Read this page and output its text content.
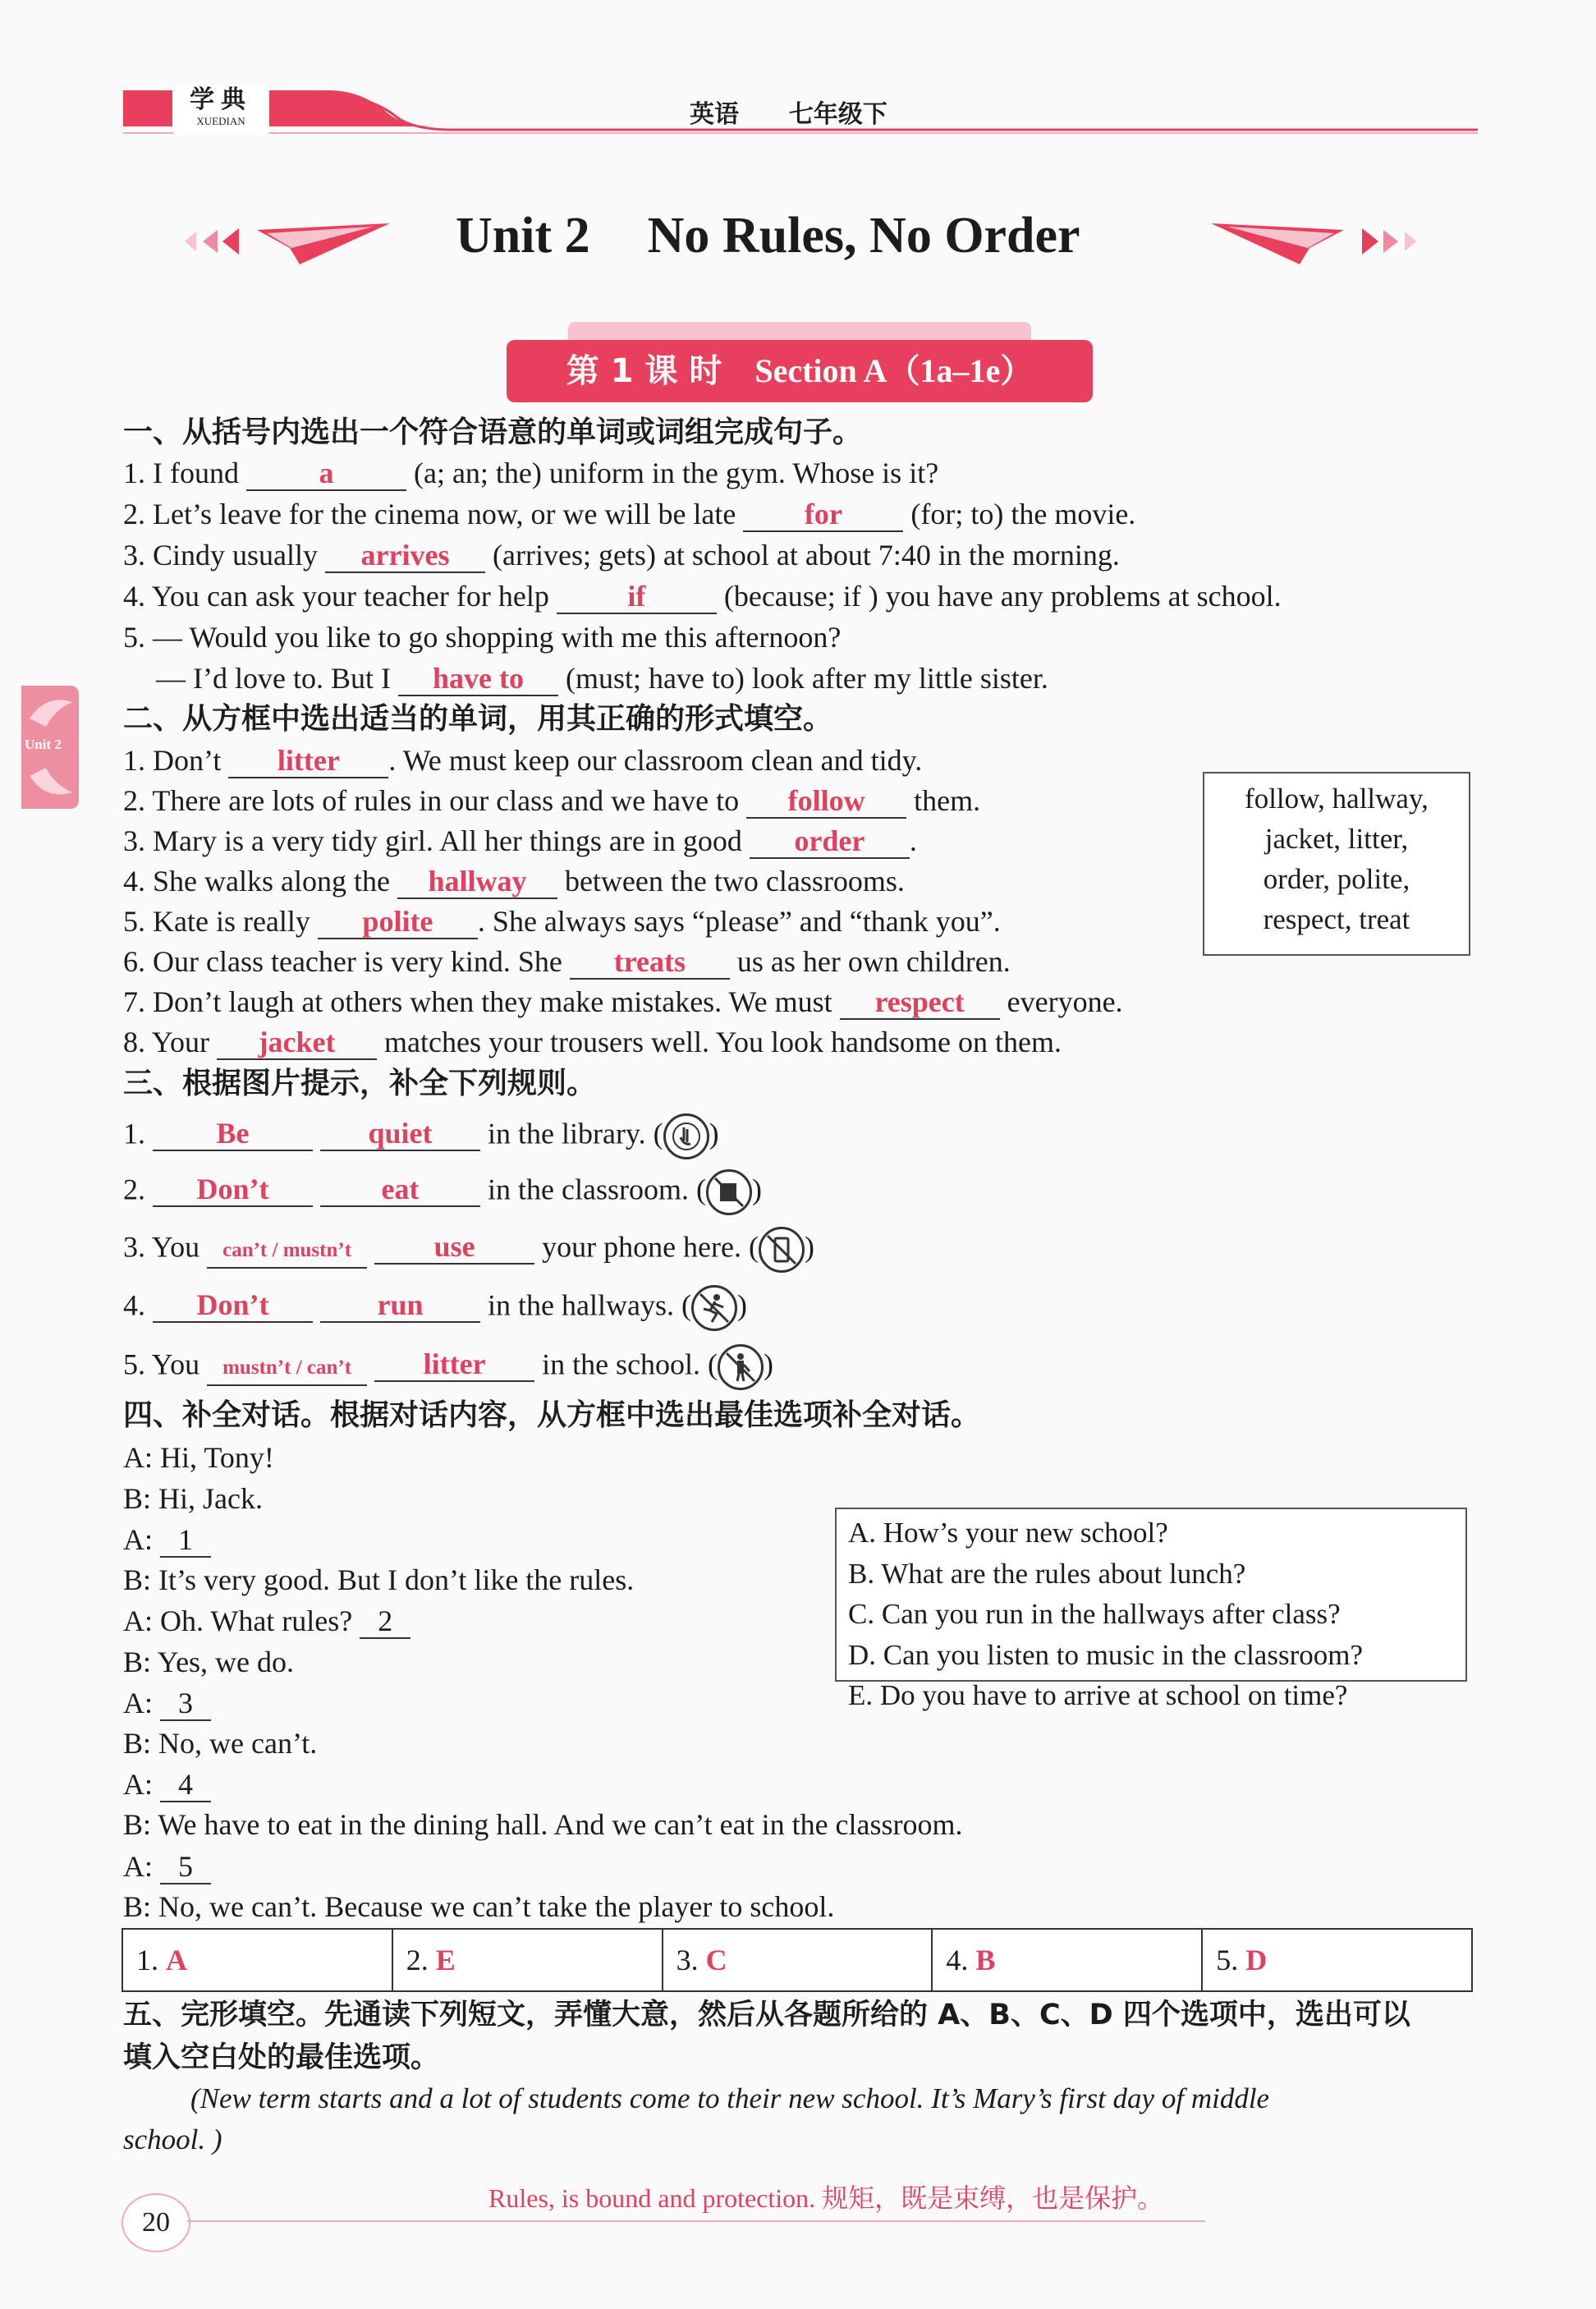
学典
XUEDIAN	英语 七年级下
Unit 2 No Rules, No Order
第 1 课 时 Section A（1a–1e）
Unit 2
一、从括号内选出一个符合语意的单词或词组完成句子。
1. I found	a	(a; an; the) uniform in the gym. Whose is it?
2. Let’s leave for the cinema now, or we will be late for (for; to) the movie.
3. Cindy usually arrives (arrives; gets) at school at about 7:40 in the morning.
4. You can ask your teacher for help	if	(because; if ) you have any problems at school.
5. — Would you like to go shopping with me this afternoon?
— I’d love to. But I have to (must; have to) look after my little sister.
二、从方框中选出适当的单词，用其正确的形式填空。
1. Don’t litter . We must keep our classroom clean and tidy.
2. There are lots of rules in our class and we have to follow them.
3. Mary is a very tidy girl. All her things are in good order .
4. She walks along the hallway between the two classrooms.
5. Kate is really polite . She always says “please” and “thank you”.
6. Our class teacher is very kind. She treats us as her own children.
7. Don’t laugh at others when they make mistakes. We must respect everyone.
8. Your jacket matches your trousers well. You look handsome on them.
follow, hallway,
jacket, litter,
order, polite,
respect, treat
三、根据图片提示，补全下列规则。
1. Be	quiet in the library. ( )
2. Don’t	eat in the classroom. ( )
3. You can’t / mustn’t	use your phone here. ( )
4. Don’t	run in the hallways. ( )
5. You mustn’t / can’t litter in the school. ( )
四、补全对话。根据对话内容，从方框中选出最佳选项补全对话。
A: Hi, Tony!
B: Hi, Jack.
A: 1
B: It’s very good. But I don’t like the rules.
A: Oh. What rules? 2
B: Yes, we do.
A: 3
B: No, we can’t.
A: 4
B: We have to eat in the dining hall. And we can’t eat in the classroom.
A: 5
B: No, we can’t. Because we can’t take the player to school.
A. How’s your new school?
B. What are the rules about lunch?
C. Can you run in the hallways after class?
D. Can you listen to music in the classroom?
E. Do you have to arrive at school on time?
1. A	2. E	3. C	4. B	5. D
五、完形填空。先通读下列短文，弄懂大意，然后从各题所给的 A、B、C、D 四个选项中，选出可以
填入空白处的最佳选项。
(New term starts and a lot of students come to their new school. It’s Mary’s first day of middle
school. )
20
Rules, is bound and protection. 规矩，既是束缚，也是保护。
